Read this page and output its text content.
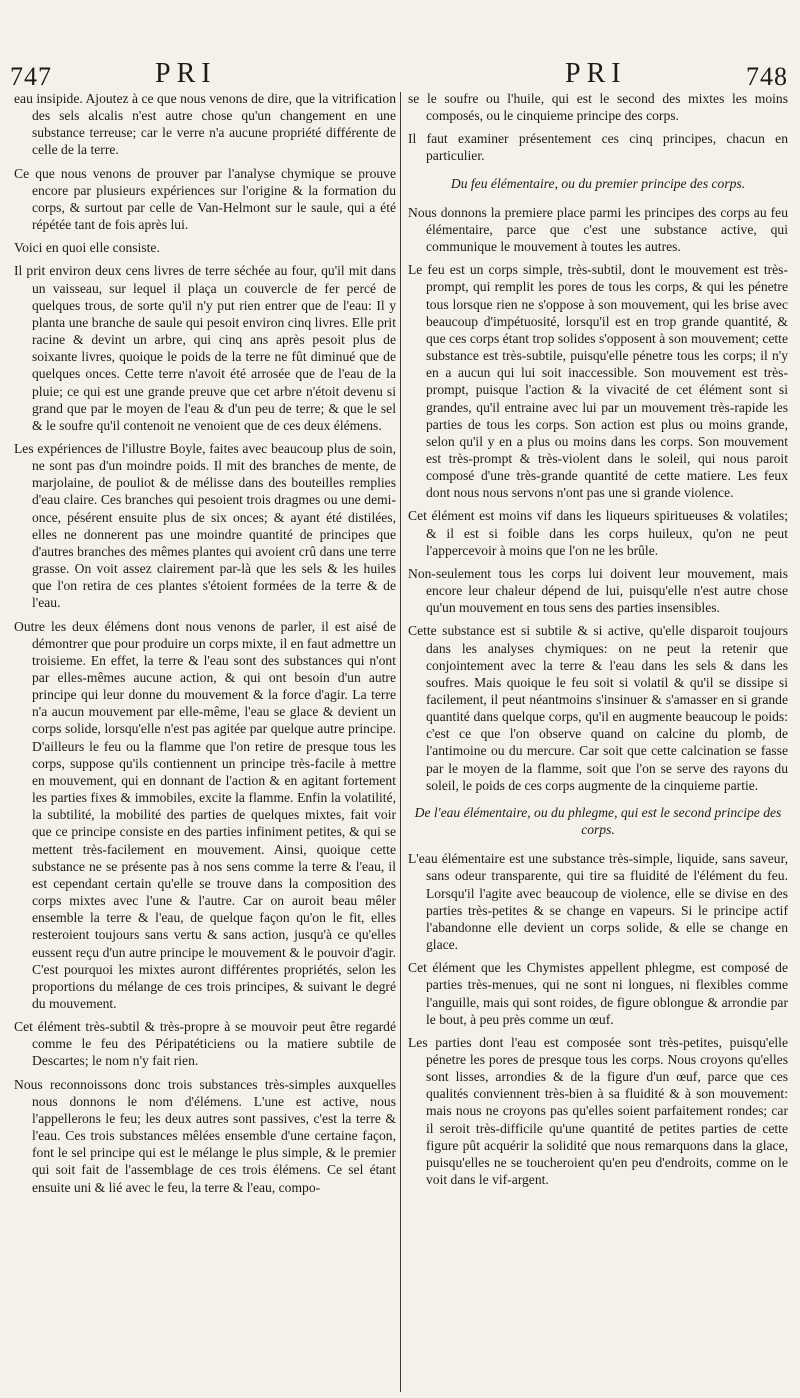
747	PRI	PRI	748

eau insipide. Ajoutez à ce que nous venons de dire, que la vitrification des sels alcalis n'est autre chose qu'un changement en une substance terreuse; car le verre n'a aucune propriété différente de celle de la terre.

Ce que nous venons de prouver par l'analyse chymique se prouve encore par plusieurs expériences sur l'origine & la formation du corps, & surtout par celle de Van-Helmont sur le saule, qui a été répétée tant de fois après lui.

Voici en quoi elle consiste.

Il prit environ deux cens livres de terre séchée au four, qu'il mit dans un vaisseau, sur lequel il plaça un couvercle de fer percé de quelques trous, de sorte qu'il n'y put rien entrer que de l'eau: Il y planta une branche de saule qui pesoit environ cinq livres. Elle prit racine & devint un arbre, qui cinq ans après pesoit plus de soixante livres, quoique le poids de la terre ne fût diminué que de quelques onces. Cette terre n'avoit été arrosée que de l'eau de la pluie; ce qui est une grande preuve que cet arbre n'étoit devenu si grand que par le moyen de l'eau & d'un peu de terre; & que le sel & le soufre qu'il contenoit ne venoient que de ces deux élémens.

Les expériences de l'illustre Boyle, faites avec beaucoup plus de soin, ne sont pas d'un moindre poids. Il mit des branches de mente, de marjolaine, de pouliot & de mélisse dans des bouteilles remplies d'eau claire. Ces branches qui pesoient trois dragmes ou une demi-once, pésérent ensuite plus de six onces; & ayant été distilées, elles ne donnerent pas une moindre quantité de principes que d'autres branches des mêmes plantes qui avoient crû dans une terre grasse. On voit assez clairement par-là que les sels & les huiles que l'on retira de ces plantes s'étoient formées de la terre & de l'eau.

Outre les deux élémens dont nous venons de parler, il est aisé de démontrer que pour produire un corps mixte, il en faut admettre un troisieme. En effet, la terre & l'eau sont des substances qui n'ont par elles-mêmes aucune action, & qui ont besoin d'un autre principe qui leur donne du mouvement & la force d'agir. La terre n'a aucun mouvement par elle-même, l'eau se glace & devient un corps solide, lorsqu'elle n'est pas agitée par quelque autre principe. D'ailleurs le feu ou la flamme que l'on retire de presque tous les corps, suppose qu'ils contiennent un principe très-facile à mettre en mouvement, qui en donnant de l'action & en agitant fortement les parties fixes & immobiles, excite la flamme. Enfin la volatilité, la subtilité, la mobilité des parties de quelques mixtes, fait voir que ce principe consiste en des parties infiniment petites, & qui se mettent très-facilement en mouvement. Ainsi, quoique cette substance ne se présente pas à nos sens comme la terre & l'eau, il est cependant certain qu'elle se trouve dans la composition des corps mixtes avec l'une & l'autre. Car on auroit beau mêler ensemble la terre & l'eau, de quelque façon qu'on le fit, elles resteroient toujours sans vertu & sans action, jusqu'à ce qu'elles eussent reçu d'un autre principe le mouvement & le pouvoir d'agir. C'est pourquoi les mixtes auront différentes propriétés, selon les proportions du mélange de ces trois principes, & suivant le degré du mouvement.

Cet élément très-subtil & très-propre à se mouvoir peut être regardé comme le feu des Péripatéticiens ou la matiere subtile de Descartes; le nom n'y fait rien.

Nous reconnoissons donc trois substances très-simples auxquelles nous donnons le nom d'élémens. L'une est active, nous l'appellerons le feu; les deux autres sont passives, c'est la terre & l'eau. Ces trois substances mêlées ensemble d'une certaine façon, font le sel principe qui est le mélange le plus simple, & le premier qui soit fait de l'assemblage de ces trois élémens. Ce sel étant ensuite uni & lié avec le feu, la terre & l'eau, compo-

se le soufre ou l'huile, qui est le second des mixtes les moins composés, ou le cinquieme principe des corps.

Il faut examiner présentement ces cinq principes, chacun en particulier.

Du feu élémentaire, ou du premier principe des corps.

Nous donnons la premiere place parmi les principes des corps au feu élémentaire, parce que c'est une substance active, qui communique le mouvement à toutes les autres.

Le feu est un corps simple, très-subtil, dont le mouvement est très-prompt, qui remplit les pores de tous les corps, & qui les pénetre tous lorsque rien ne s'oppose à son mouvement, qui les brise avec beaucoup d'impétuosité, lorsqu'il est en trop grande quantité, & que ces corps étant trop solides s'opposent à son mouvement; cette substance est très-subtile, puisqu'elle pénetre tous les corps; il n'y en a aucun qui lui soit inaccessible. Son mouvement est très-prompt, puisque l'action & la vivacité de cet élément sont si grandes, qu'il entraine avec lui par un mouvement très-rapide les parties de tous les corps. Son action est plus ou moins grande, selon qu'il y en a plus ou moins dans les corps. Son mouvement est très-prompt & très-violent dans le soleil, qui nous paroit composé d'une très-grande quantité de cette matiere. Les feux dont nous nous servons n'ont pas une si grande violence.

Cet élément est moins vif dans les liqueurs spiritueuses & volatiles; & il est si foible dans les corps huileux, qu'on ne peut l'appercevoir à moins que l'on ne les brûle.

Non-seulement tous les corps lui doivent leur mouvement, mais encore leur chaleur dépend de lui, puisqu'elle n'est autre chose qu'un mouvement en tous sens des parties insensibles.

Cette substance est si subtile & si active, qu'elle disparoit toujours dans les analyses chymiques: on ne peut la retenir que conjointement avec la terre & l'eau dans les sels & dans les soufres. Mais quoique le feu soit si volatil & qu'il se dissipe si facilement, il peut néantmoins s'insinuer & s'amasser en si grande quantité dans quelque corps, qu'il en augmente beaucoup le poids: c'est ce que l'on observe quand on calcine du plomb, de l'antimoine ou du mercure. Car soit que cette calcination se fasse par le moyen de la flamme, soit que l'on se serve des rayons du soleil, le poids de ces corps augmente de la cinquieme partie.

De l'eau élémentaire, ou du phlegme, qui est le second principe des corps.

L'eau élémentaire est une substance très-simple, liquide, sans saveur, sans odeur transparente, qui tire sa fluidité de l'élément du feu. Lorsqu'il l'agite avec beaucoup de violence, elle se divise en des parties très-petites & se change en vapeurs. Si le principe actif l'abandonne elle devient un corps solide, & elle se change en glace.

Cet élément que les Chymistes appellent phlegme, est composé de parties très-menues, qui ne sont ni longues, ni flexibles comme l'anguille, mais qui sont roides, de figure oblongue & arrondie par le bout, à peu près comme un œuf.

Les parties dont l'eau est composée sont très-petites, puisqu'elle pénetre les pores de presque tous les corps. Nous croyons qu'elles sont lisses, arrondies & de la figure d'un œuf, parce que ces qualités conviennent très-bien à sa fluidité & à son mouvement: mais nous ne croyons pas qu'elles soient parfaitement rondes; car il seroit très-difficile qu'une quantité de petites parties de cette figure pût acquérir la solidité que nous remarquons dans la glace, puisqu'elles ne se toucheroient qu'en peu d'endroits, comme on le voit dans le vif-argent.
